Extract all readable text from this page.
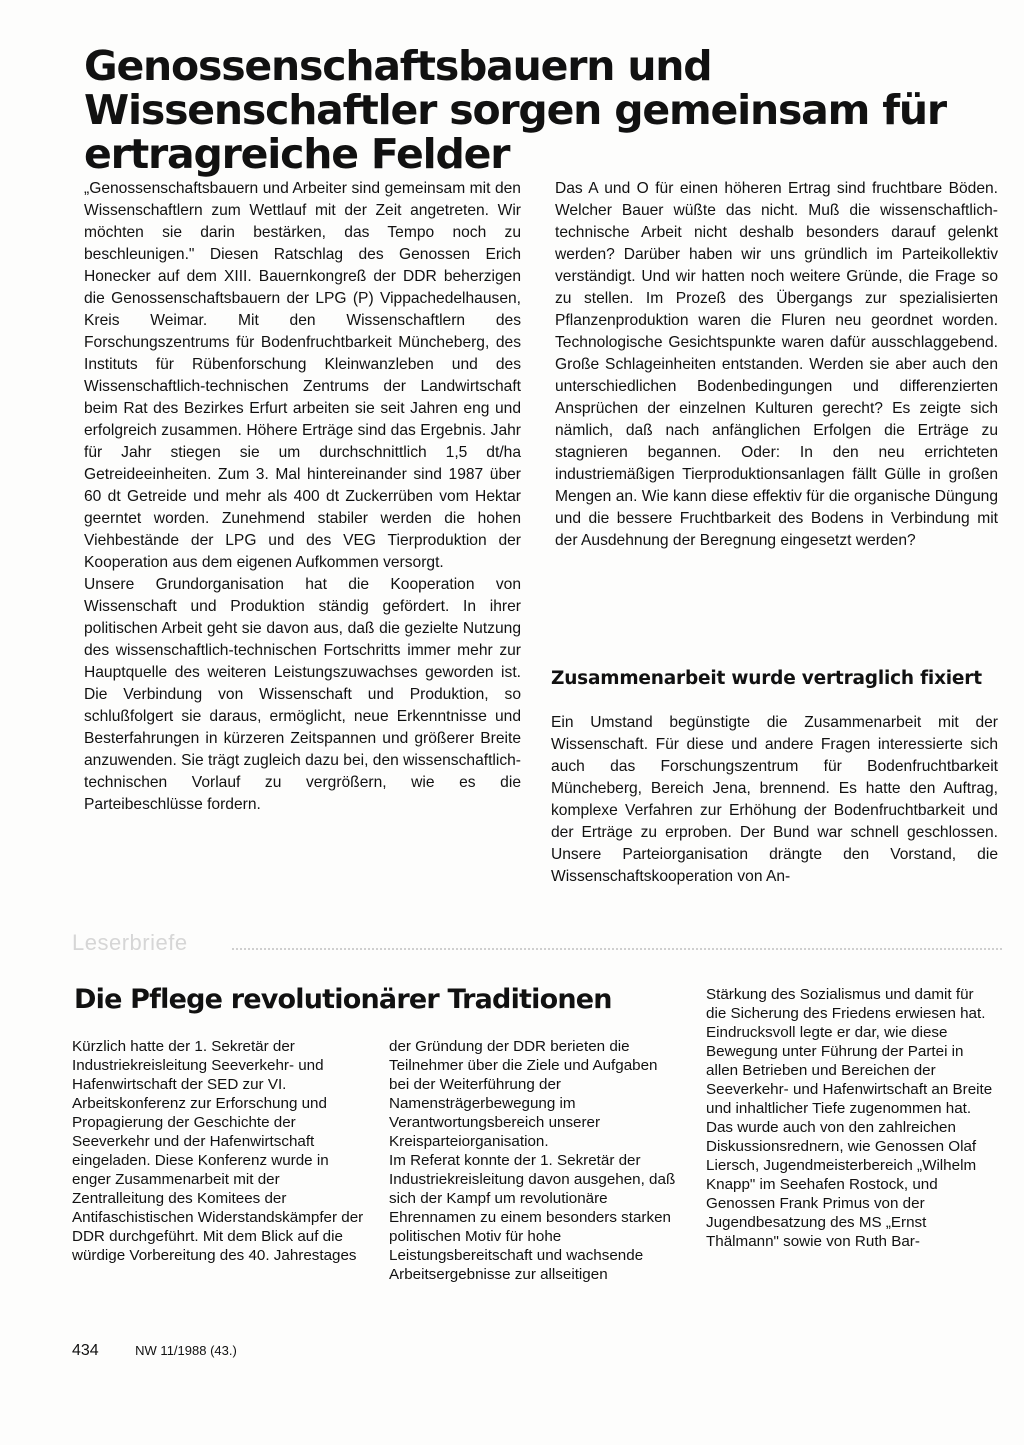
Genossenschaftsbauern und Wissenschaftler sorgen gemeinsam für ertragreiche Felder

„Genossenschaftsbauern und Arbeiter sind gemeinsam mit den Wissenschaftlern zum Wettlauf mit der Zeit angetreten. Wir möchten sie darin bestärken, das Tempo noch zu beschleunigen." Diesen Ratschlag des Genossen Erich Honecker auf dem XIII. Bauernkongreß der DDR beherzigen die Genossenschaftsbauern der LPG (P) Vippachedelhausen, Kreis Weimar. Mit den Wissenschaftlern des Forschungszentrums für Bodenfruchtbarkeit Müncheberg, des Instituts für Rübenforschung Kleinwanzleben und des Wissenschaftlich-technischen Zentrums der Landwirtschaft beim Rat des Bezirkes Erfurt arbeiten sie seit Jahren eng und erfolgreich zusammen. Höhere Erträge sind das Ergebnis. Jahr für Jahr stiegen sie um durchschnittlich 1,5 dt/ha Getreideeinheiten. Zum 3. Mal hintereinander sind 1987 über 60 dt Getreide und mehr als 400 dt Zuckerrüben vom Hektar geerntet worden. Zunehmend stabiler werden die hohen Viehbestände der LPG und des VEG Tierproduktion der Kooperation aus dem eigenen Aufkommen versorgt.

Unsere Grundorganisation hat die Kooperation von Wissenschaft und Produktion ständig gefördert. In ihrer politischen Arbeit geht sie davon aus, daß die gezielte Nutzung des wissenschaftlich-technischen Fortschritts immer mehr zur Hauptquelle des weiteren Leistungszuwachses geworden ist. Die Verbindung von Wissenschaft und Produktion, so schlußfolgert sie daraus, ermöglicht, neue Erkenntnisse und Besterfahrungen in kürzeren Zeitspannen und größerer Breite anzuwenden. Sie trägt zugleich dazu bei, den wissenschaftlich-technischen Vorlauf zu vergrößern, wie es die Parteibeschlüsse fordern.

Das A und O für einen höheren Ertrag sind fruchtbare Böden. Welcher Bauer wüßte das nicht. Muß die wissenschaftlich-technische Arbeit nicht deshalb besonders darauf gelenkt werden? Darüber haben wir uns gründlich im Parteikollektiv verständigt. Und wir hatten noch weitere Gründe, die Frage so zu stellen. Im Prozeß des Übergangs zur spezialisierten Pflanzenproduktion waren die Fluren neu geordnet worden. Technologische Gesichtspunkte waren dafür ausschlaggebend. Große Schlageinheiten entstanden. Werden sie aber auch den unterschiedlichen Bodenbedingungen und differenzierten Ansprüchen der einzelnen Kulturen gerecht? Es zeigte sich nämlich, daß nach anfänglichen Erfolgen die Erträge zu stagnieren begannen. Oder: In den neu errichteten industriemäßigen Tierproduktionsanlagen fällt Gülle in großen Mengen an. Wie kann diese effektiv für die organische Düngung und die bessere Fruchtbarkeit des Bodens in Verbindung mit der Ausdehnung der Beregnung eingesetzt werden?

Zusammenarbeit wurde vertraglich fixiert

Ein Umstand begünstigte die Zusammenarbeit mit der Wissenschaft. Für diese und andere Fragen interessierte sich auch das Forschungszentrum für Bodenfruchtbarkeit Müncheberg, Bereich Jena, brennend. Es hatte den Auftrag, komplexe Verfahren zur Erhöhung der Bodenfruchtbarkeit und der Erträge zu erproben. Der Bund war schnell geschlossen. Unsere Parteiorganisation drängte den Vorstand, die Wissenschaftskooperation von An-

Leserbriefe
Die Pflege revolutionärer Traditionen

Kürzlich hatte der 1. Sekretär der Industriekreisleitung Seeverkehr- und Hafenwirtschaft der SED zur VI. Arbeitskonferenz zur Erforschung und Propagierung der Geschichte der Seeverkehr und der Hafenwirtschaft eingeladen. Diese Konferenz wurde in enger Zusammenarbeit mit der Zentralleitung des Komitees der Antifaschistischen Widerstandskämpfer der DDR durchgeführt. Mit dem Blick auf die würdige Vorbereitung des 40. Jahrestages

der Gründung der DDR berieten die Teilnehmer über die Ziele und Aufgaben bei der Weiterführung der Namensträgerbewegung im Verantwortungsbereich unserer Kreisparteiorganisation.

Im Referat konnte der 1. Sekretär der Industriekreisleitung davon ausgehen, daß sich der Kampf um revolutionäre Ehrennamen zu einem besonders starken politischen Motiv für hohe Leistungsbereitschaft und wachsende Arbeitsergebnisse zur allseitigen

Stärkung des Sozialismus und damit für die Sicherung des Friedens erwiesen hat. Eindrucksvoll legte er dar, wie diese Bewegung unter Führung der Partei in allen Betrieben und Bereichen der Seeverkehr- und Hafenwirtschaft an Breite und inhaltlicher Tiefe zugenommen hat.

Das wurde auch von den zahlreichen Diskussionsrednern, wie Genossen Olaf Liersch, Jugendmeisterbereich „Wilhelm Knapp" im Seehafen Rostock, und Genossen Frank Primus von der Jugendbesatzung des MS „Ernst Thälmann" sowie von Ruth Bar-

434	NW 11/1988 (43.)
